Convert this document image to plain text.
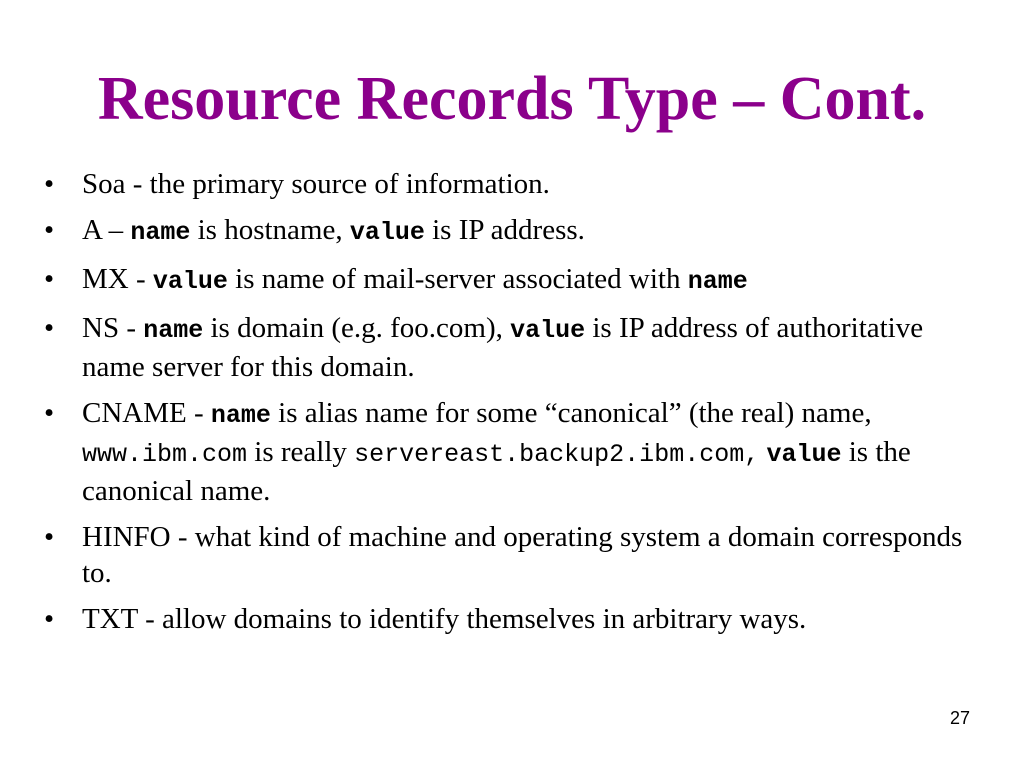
Resource Records Type – Cont.
• Soa - the primary source of information.
• A – name is hostname, value is IP address.
• MX - value is name of mail-server associated with name
• NS - name is domain (e.g. foo.com), value is IP address of authoritative name server for this domain.
• CNAME - name is alias name for some “canonical” (the real) name, www.ibm.com is really servereast.backup2.ibm.com, value is the canonical name.
• HINFO - what kind of machine and operating system a domain corresponds to.
• TXT - allow domains to identify themselves in arbitrary ways.
27
